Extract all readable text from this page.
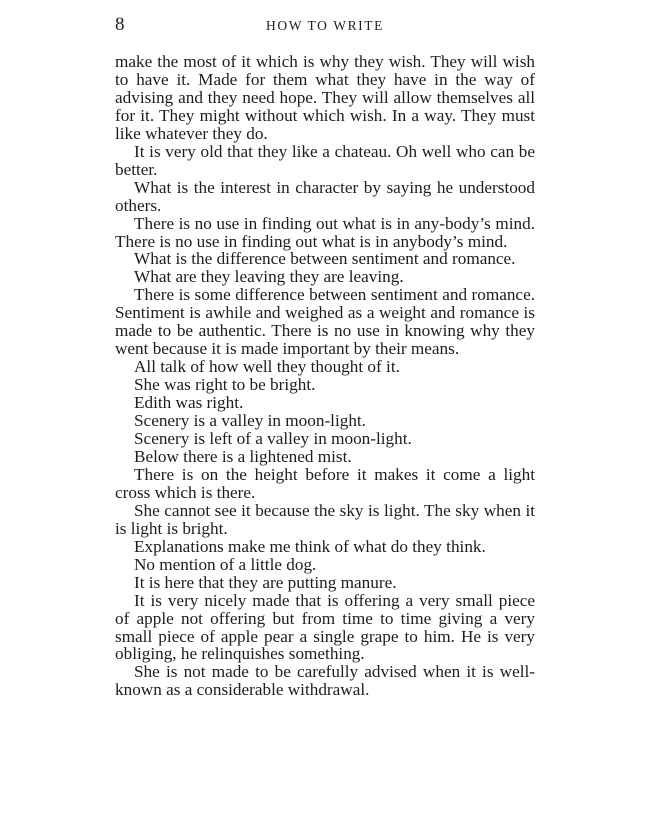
8	HOW TO WRITE

make the most of it which is why they wish. They will wish to have it. Made for them what they have in the way of advising and they need hope. They will allow themselves all for it. They might without which wish. In a way. They must like whatever they do.

It is very old that they like a chateau. Oh well who can be better.

What is the interest in character by saying he understood others.

There is no use in finding out what is in any-body’s mind. There is no use in finding out what is in anybody’s mind.

What is the difference between sentiment and romance.

What are they leaving they are leaving.

There is some difference between sentiment and romance. Sentiment is awhile and weighed as a weight and romance is made to be authentic. There is no use in knowing why they went because it is made important by their means.

All talk of how well they thought of it.

She was right to be bright.

Edith was right.

Scenery is a valley in moon-light.

Scenery is left of a valley in moon-light.

Below there is a lightened mist.

There is on the height before it makes it come a light cross which is there.

She cannot see it because the sky is light. The sky when it is light is bright.

Explanations make me think of what do they think.

No mention of a little dog.

It is here that they are putting manure.

It is very nicely made that is offering a very small piece of apple not offering but from time to time giving a very small piece of apple pear a single grape to him. He is very obliging, he relinquishes something.

She is not made to be carefully advised when it is well-known as a considerable withdrawal.
